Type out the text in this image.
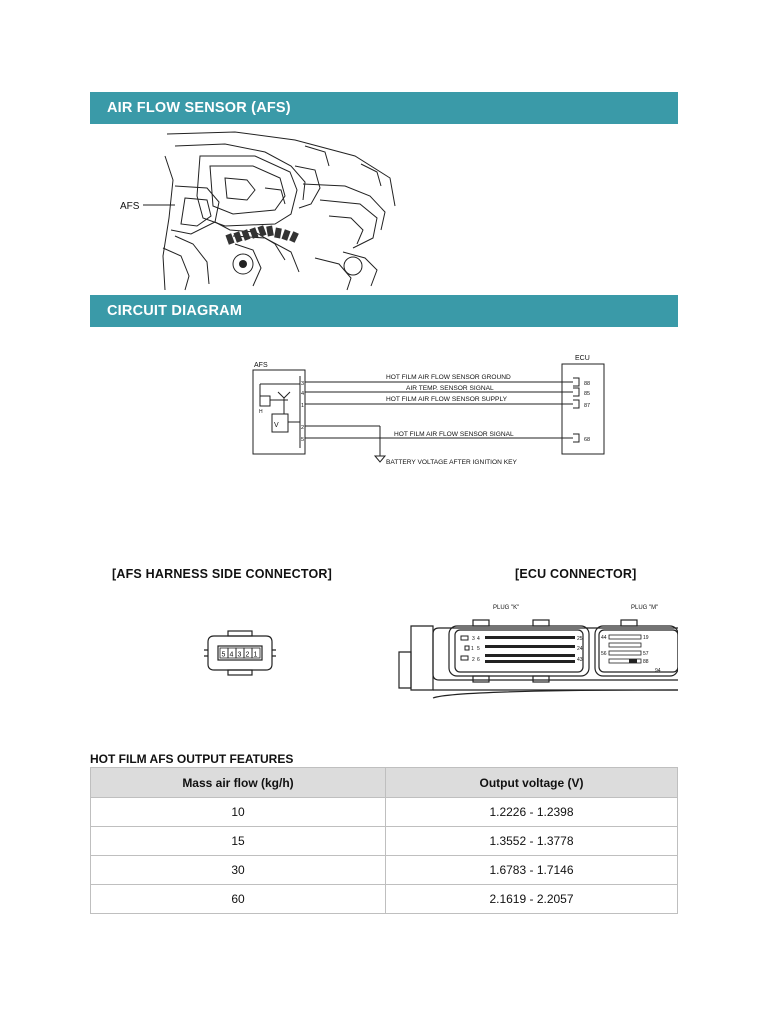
AIR FLOW SENSOR (AFS)
AFS
CIRCUIT DIAGRAM
AFS
ECU
HOT FILM AIR FLOW SENSOR GROUND
AIR TEMP. SENSOR SIGNAL
HOT FILM AIR FLOW SENSOR SUPPLY
HOT FILM AIR FLOW SENSOR SIGNAL
BATTERY VOLTAGE AFTER IGNITION KEY
V
H
3
4
1
2
5
88
85
87
68
[AFS HARNESS SIDE CONNECTOR]	[ECU CONNECTOR]
5 4 3 2 1
PLUG "K"	PLUG "M"
3
1
2
4
5
6
25
24
43
19
44
56	57
88
94
HOT FILM AFS OUTPUT FEATURES
Mass air flow (kg/h)	Output voltage (V)
10	1.2226 - 1.2398
15	1.3552 - 1.3778
30	1.6783 - 1.7146
60	2.1619 - 2.2057
